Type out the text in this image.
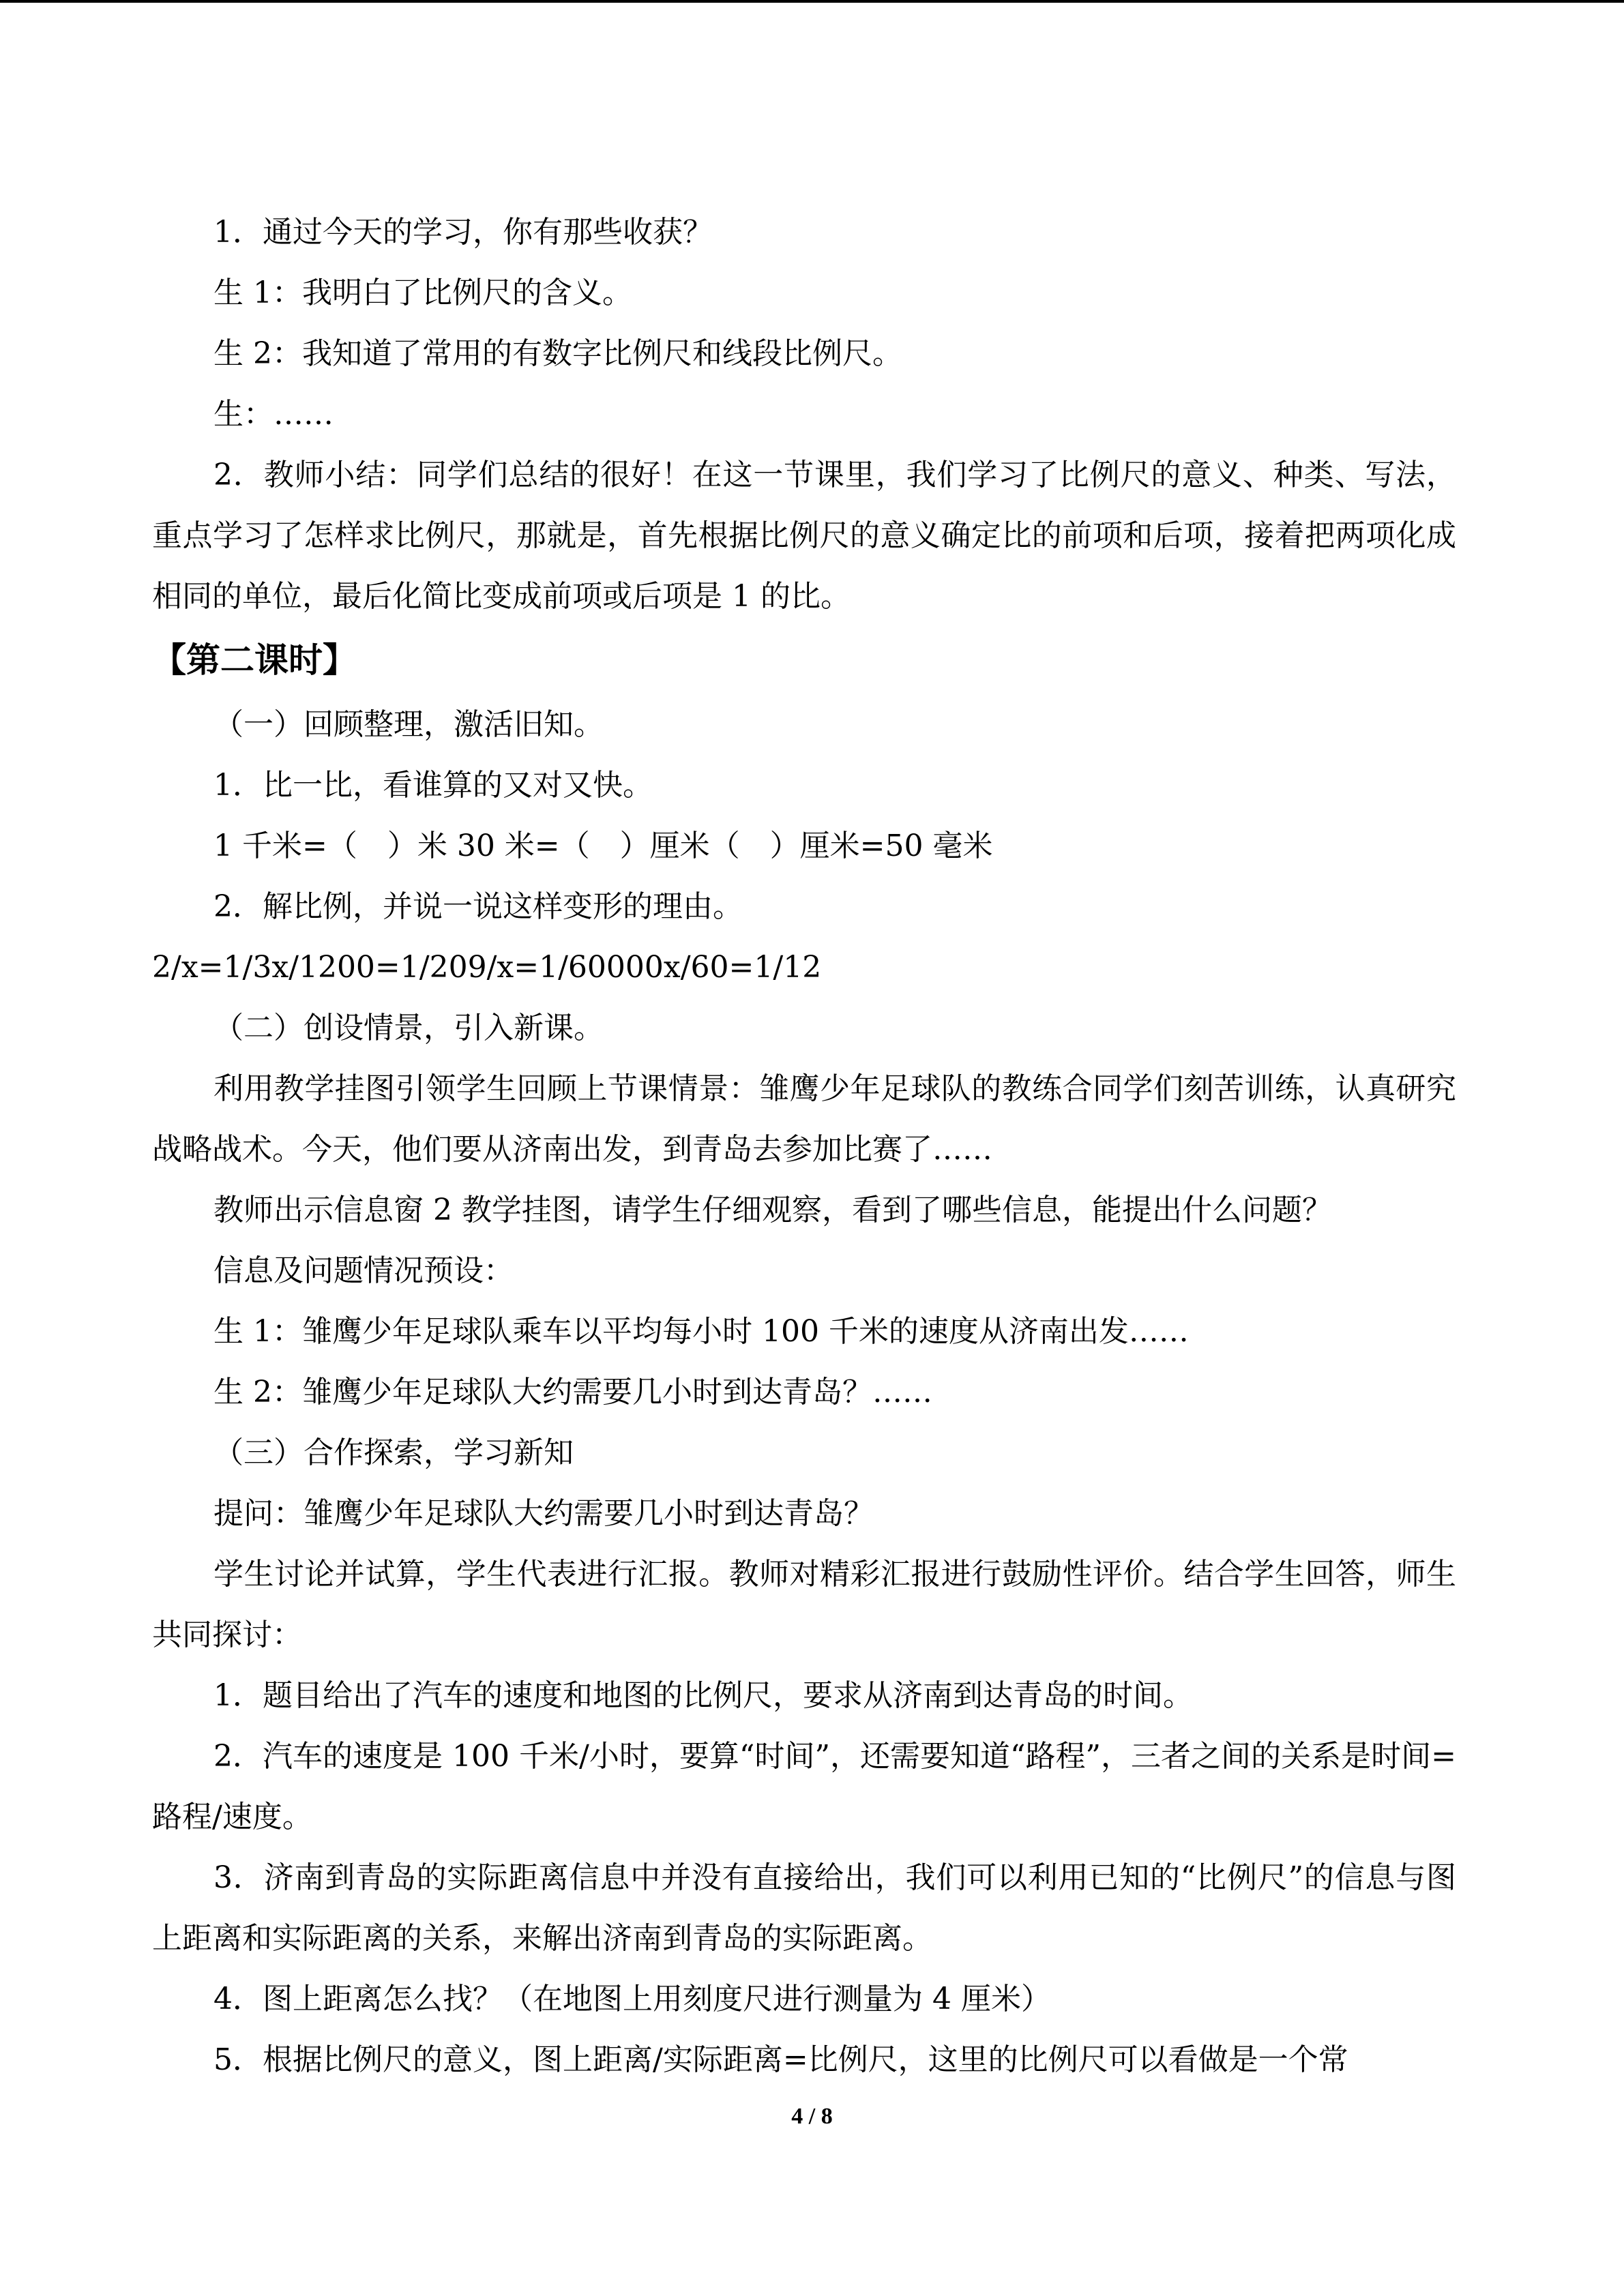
1．通过今天的学习，你有那些收获？

生 1：我明白了比例尺的含义。

生 2：我知道了常用的有数字比例尺和线段比例尺。

生：……

2．教师小结：同学们总结的很好！在这一节课里，我们学习了比例尺的意义、种类、写法，重点学习了怎样求比例尺，那就是，首先根据比例尺的意义确定比的前项和后项，接着把两项化成相同的单位，最后化简比变成前项或后项是 1 的比。

【第二课时】

（一）回顾整理，激活旧知。

1．比一比，看谁算的又对又快。

1 千米=（　）米 30 米=（　）厘米（　）厘米=50 毫米

2．解比例，并说一说这样变形的理由。

2/x=1/3x/1200=1/209/x=1/60000x/60=1/12

（二）创设情景，引入新课。

利用教学挂图引领学生回顾上节课情景：雏鹰少年足球队的教练合同学们刻苦训练，认真研究战略战术。今天，他们要从济南出发，到青岛去参加比赛了……

教师出示信息窗 2 教学挂图，请学生仔细观察，看到了哪些信息，能提出什么问题？

信息及问题情况预设：

生 1：雏鹰少年足球队乘车以平均每小时 100 千米的速度从济南出发……

生 2：雏鹰少年足球队大约需要几小时到达青岛？……

（三）合作探索，学习新知

提问：雏鹰少年足球队大约需要几小时到达青岛？

学生讨论并试算，学生代表进行汇报。教师对精彩汇报进行鼓励性评价。结合学生回答，师生共同探讨：

1．题目给出了汽车的速度和地图的比例尺，要求从济南到达青岛的时间。

2．汽车的速度是 100 千米/小时，要算“时间”，还需要知道“路程”，三者之间的关系是时间=路程/速度。

3．济南到青岛的实际距离信息中并没有直接给出，我们可以利用已知的“比例尺”的信息与图上距离和实际距离的关系，来解出济南到青岛的实际距离。

4．图上距离怎么找？（在地图上用刻度尺进行测量为 4 厘米）

5．根据比例尺的意义，图上距离/实际距离=比例尺，这里的比例尺可以看做是一个常

4 / 8
